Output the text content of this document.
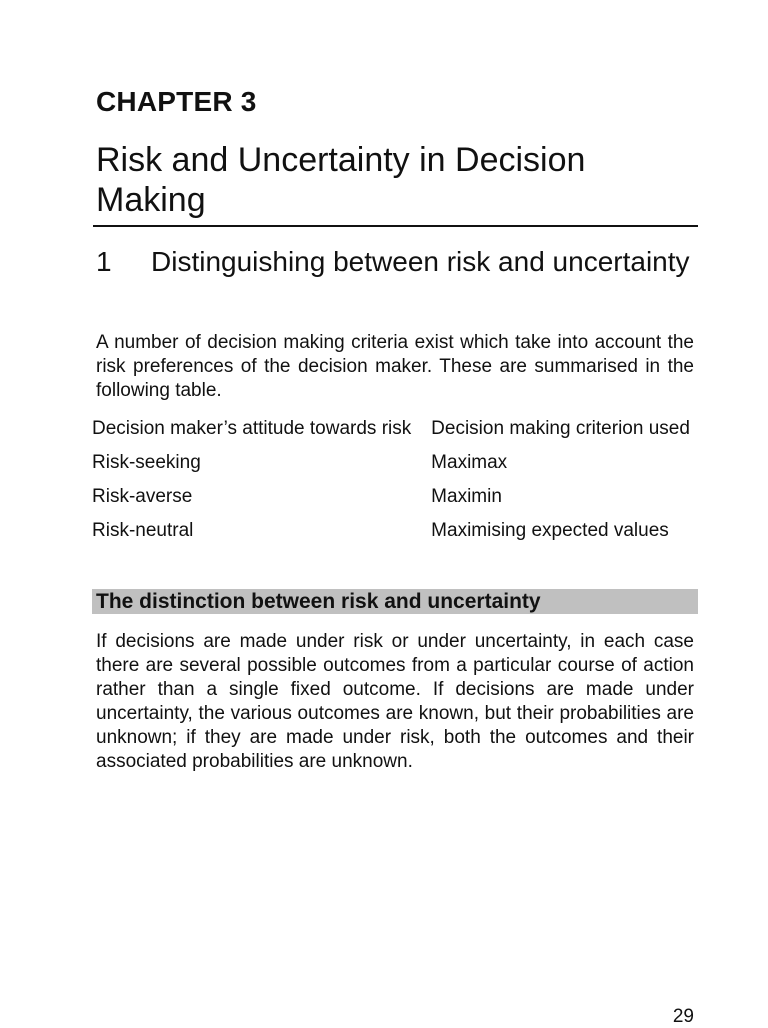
CHAPTER 3
Risk and Uncertainty in Decision Making
1	Distinguishing between risk and uncertainty

A number of decision making criteria exist which take into account the risk preferences of the decision maker. These are summarised in the following table.

Decision maker’s attitude towards risk	Decision making criterion used
Risk-seeking	Maximax
Risk-averse	Maximin
Risk-neutral	Maximising expected values
The distinction between risk and uncertainty

If decisions are made under risk or under uncertainty, in each case there are several possible outcomes from a particular course of action rather than a single fixed outcome. If decisions are made under uncertainty, the various outcomes are known, but their probabilities are unknown; if they are made under risk, both the outcomes and their associated probabilities are unknown.

29
